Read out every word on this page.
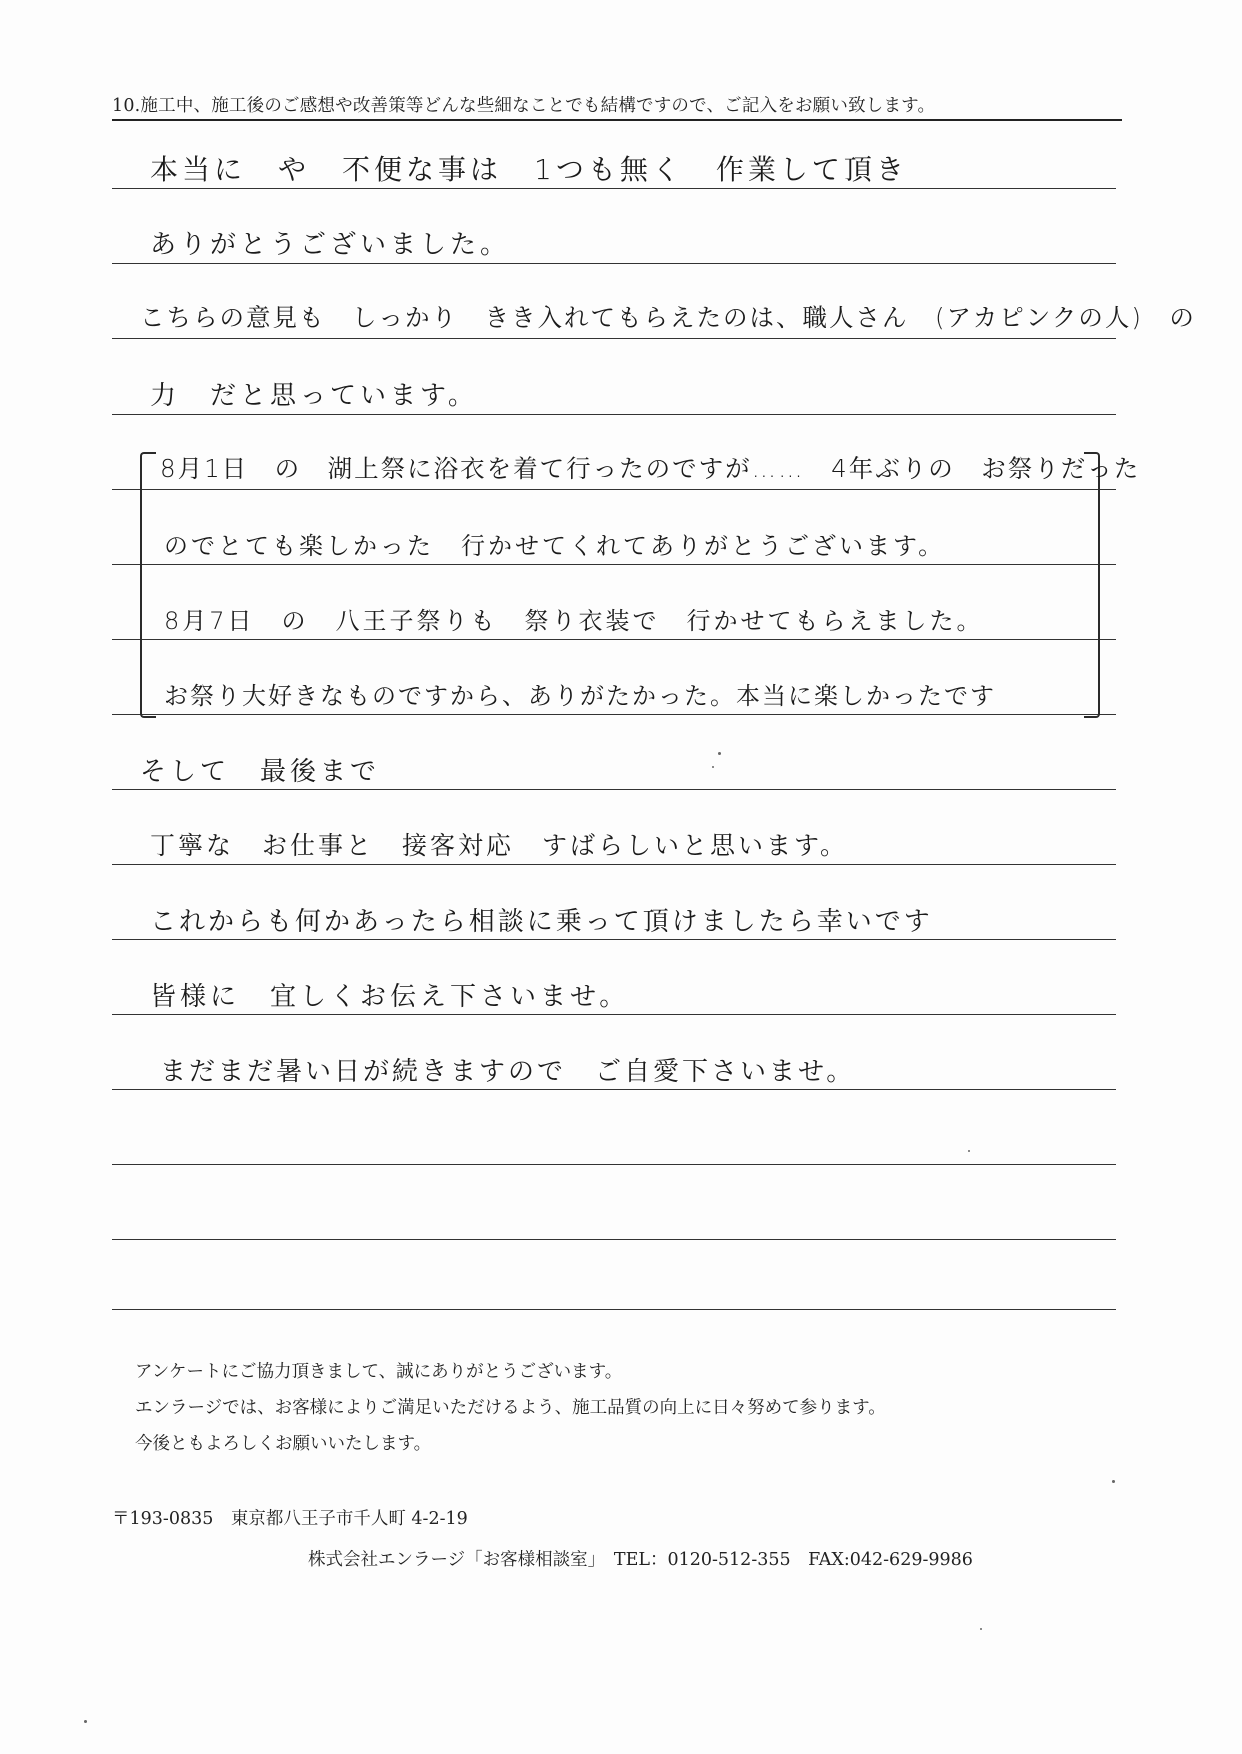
10.施工中、施工後のご感想や改善策等どんな些細なことでも結構ですので、ご記入をお願い致します。
本当に　や　不便な事は　1つも無く　作業して頂き
ありがとうございました。
こちらの意見も　しっかり　きき入れてもらえたのは、職人さん　(アカピンクの人)　の
力　だと思っています。
8月1日　の　湖上祭に浴衣を着て行ったのですが……　4年ぶりの　お祭りだった
のでとても楽しかった　行かせてくれてありがとうございます。
8月7日　の　八王子祭りも　祭り衣装で　行かせてもらえました。
お祭り大好きなものですから、ありがたかった。本当に楽しかったです
そして　最後まで
丁寧な　お仕事と　接客対応　すばらしいと思います。
これからも何かあったら相談に乗って頂けましたら幸いです
皆様に　宜しくお伝え下さいませ。
まだまだ暑い日が続きますので　ご自愛下さいませ。
アンケートにご協力頂きまして、誠にありがとうございます。
エンラージでは、お客様によりご満足いただけるよう、施工品質の向上に日々努めて参ります。
今後ともよろしくお願いいたします。
〒193-0835　東京都八王子市千人町 4-2-19
株式会社エンラージ「お客様相談室」　TEL：0120-512-355　FAX:042-629-9986
